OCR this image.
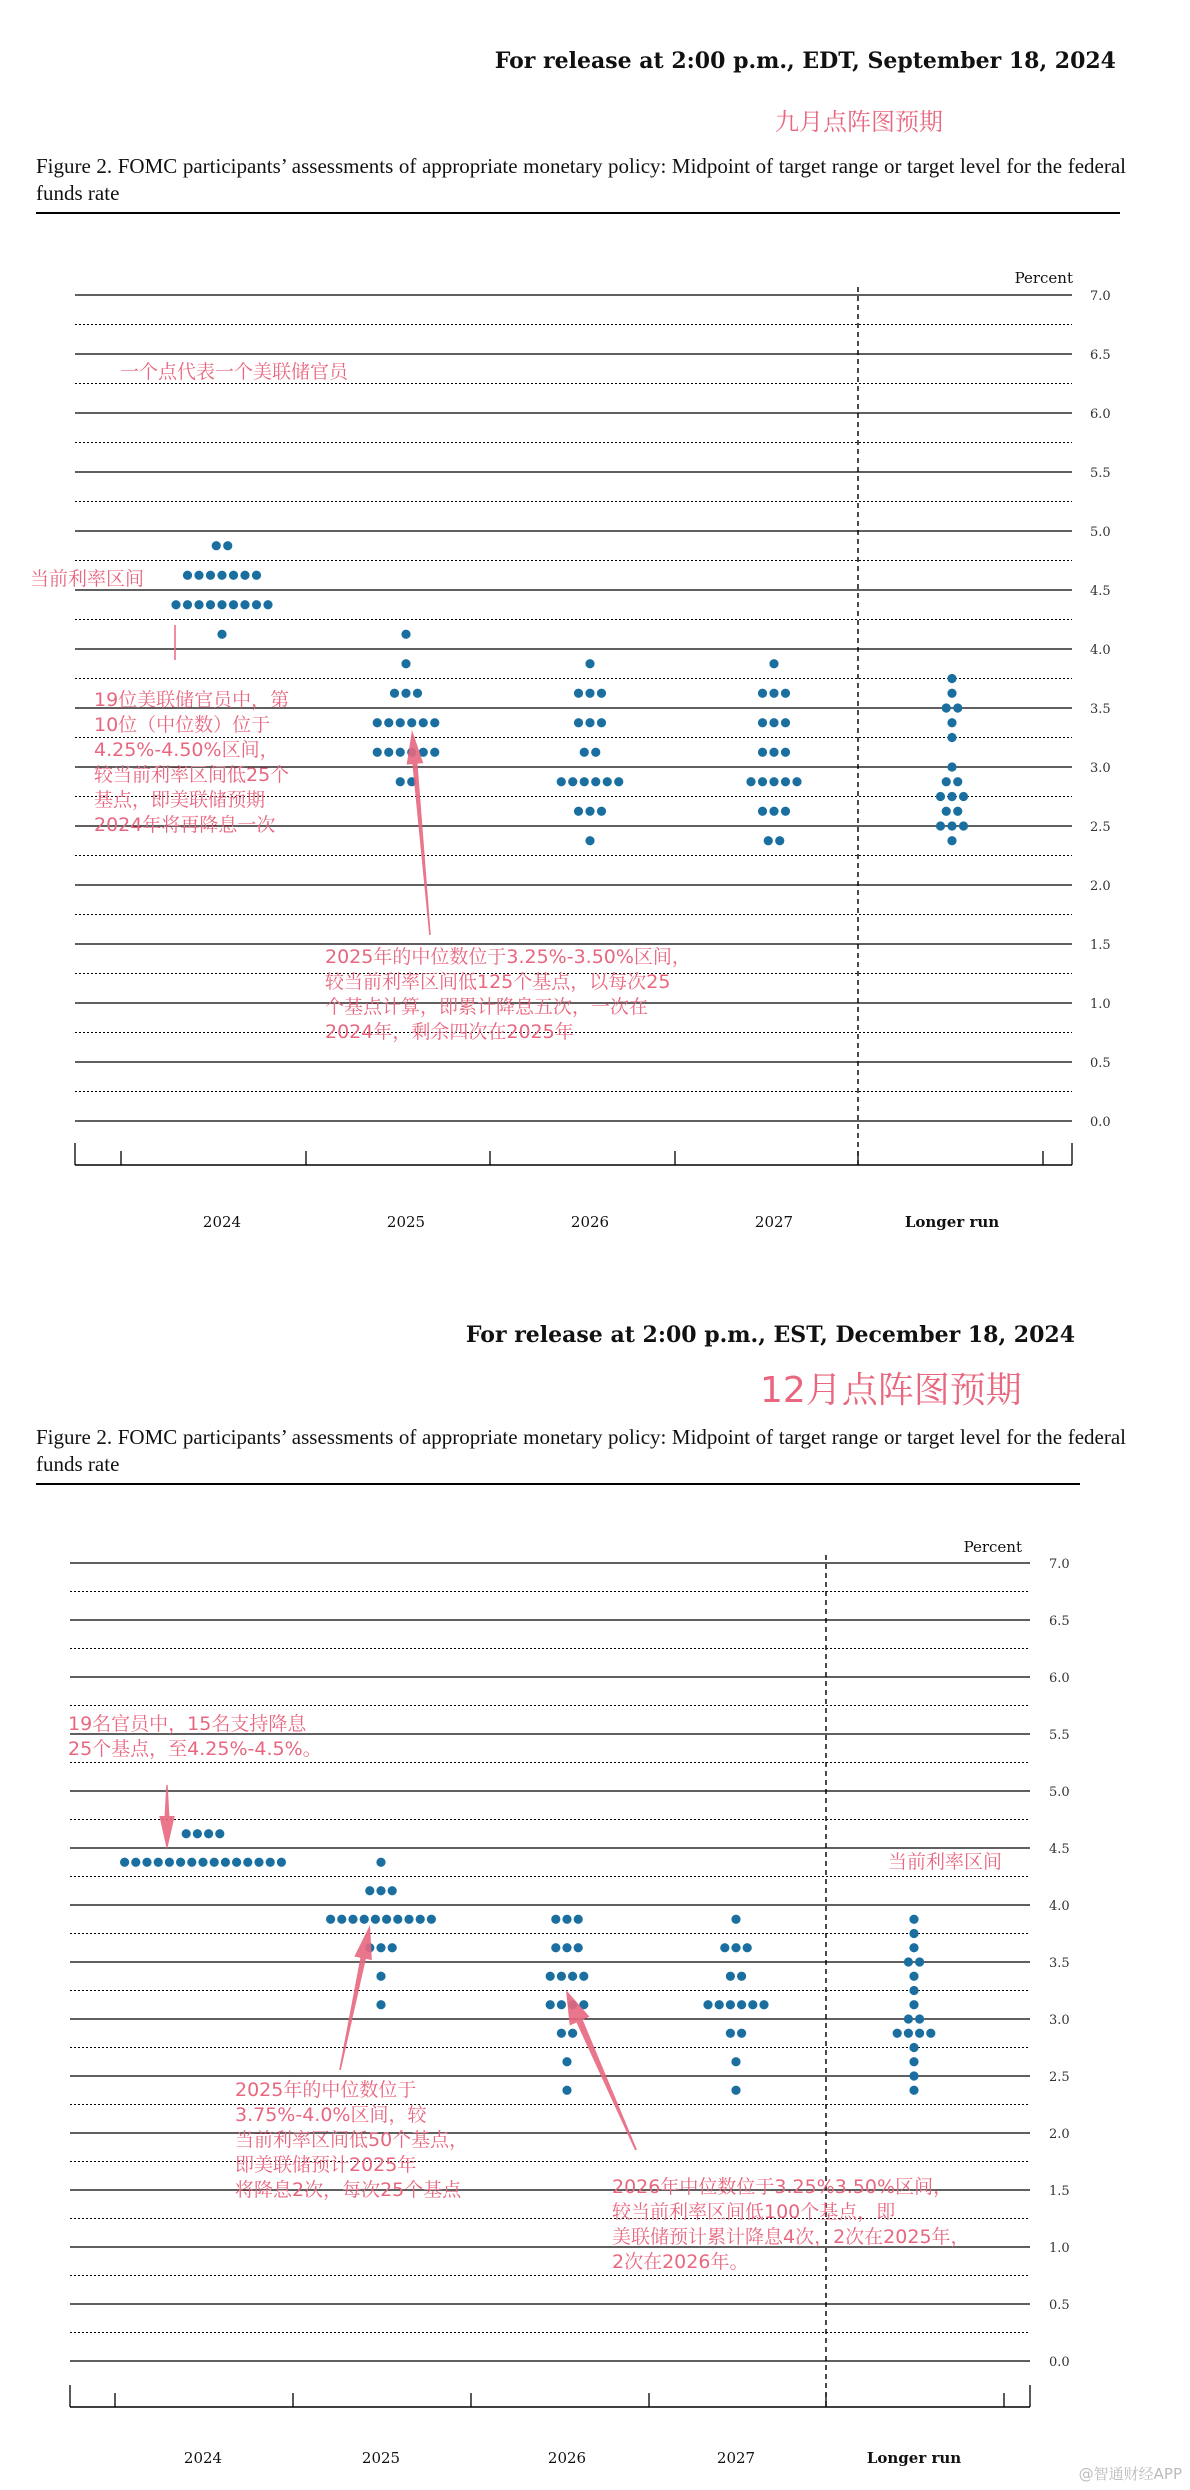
For release at 2:00 p.m., EDT, September 18, 2024
九月点阵图预期
Figure 2. FOMC participants’ assessments of appropriate monetary policy: Midpoint of target range or target level for the federal funds rate
0.0
0.5
1.0
1.5
2.0
2.5
3.0
3.5
4.0
4.5
5.0
5.5
6.0
6.5
7.0
Percent
2024	2025	2026	2027	Longer run
一个点代表一个美联储官员
当前利率区间
19位美联储官员中，第
10位（中位数）位于
4.25%-4.50%区间，
较当前利率区间低25个
基点，即美联储预期
2024年将再降息一次
2025年的中位数位于3.25%-3.50%区间，
较当前利率区间低125个基点，以每次25
个基点计算，即累计降息五次，一次在
2024年，剩余四次在2025年
For release at 2:00 p.m., EST, December 18, 2024
12月点阵图预期
Figure 2. FOMC participants’ assessments of appropriate monetary policy: Midpoint of target range or target level for the federal funds rate
0.0
0.5
1.0
1.5
2.0
2.5
3.0
3.5
4.0
4.5
5.0
5.5
6.0
6.5
7.0
Percent
2024	2025	2026	2027	Longer run
19名官员中，15名支持降息
25个基点，至4.25%-4.5%。
当前利率区间
2025年的中位数位于
3.75%-4.0%区间，较
当前利率区间低50个基点，
即美联储预计2025年
将降息2次，每次25个基点	2026年中位数位于3.25%3.50%区间，
较当前利率区间低100个基点，即
美联储预计累计降息4次，2次在2025年，
2次在2026年。
@智通财经APP
